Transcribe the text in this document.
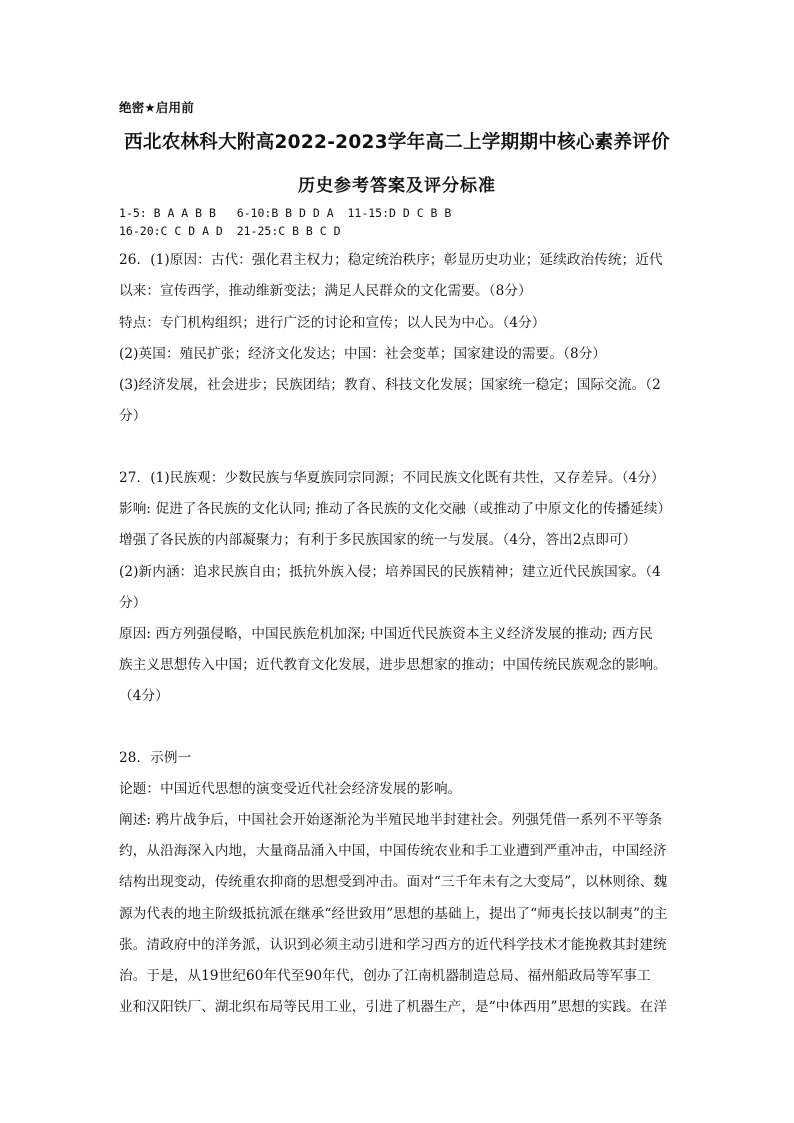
绝密★启用前
西北农林科大附高2022-2023学年高二上学期期中核心素养评价
历史参考答案及评分标准
1-5: B A A B B   6-10:B B D D A  11-15:D D C B B
16-20:C C D A D  21-25:C B B C D
26．(1)原因：古代：强化君主权力；稳定统治秩序；彰显历史功业；延续政治传统；近代
以来：宣传西学，推动维新变法；满足人民群众的文化需要。（8分）
特点：专门机构组织；进行广泛的讨论和宣传；以人民为中心。（4分）
(2)英国：殖民扩张；经济文化发达；中国：社会变革；国家建设的需要。（8分）
(3)经济发展，社会进步；民族团结；教育、科技文化发展；国家统一稳定；国际交流。（2
分）
27．(1)民族观：少数民族与华夏族同宗同源；不同民族文化既有共性，又存差异。（4分）
影响: 促进了各民族的文化认同; 推动了各民族的文化交融（或推动了中原文化的传播延续）
增强了各民族的内部凝聚力；有利于多民族国家的统一与发展。（4分，答出2点即可）
(2)新内涵：追求民族自由；抵抗外族入侵；培养国民的民族精神；建立近代民族国家。（4
分）
原因: 西方列强侵略，中国民族危机加深; 中国近代民族资本主义经济发展的推动; 西方民
族主义思想传入中国；近代教育文化发展，进步思想家的推动；中国传统民族观念的影响。
（4分）
28．示例一
论题：中国近代思想的演变受近代社会经济发展的影响。
阐述: 鸦片战争后，中国社会开始逐渐沦为半殖民地半封建社会。列强凭借一系列不平等条
约，从沿海深入内地，大量商品涌入中国，中国传统农业和手工业遭到严重冲击，中国经济
结构出现变动，传统重农抑商的思想受到冲击。面对“三千年未有之大变局”，以林则徐、魏
源为代表的地主阶级抵抗派在继承“经世致用”思想的基础上，提出了“师夷长技以制夷”的主
张。清政府中的洋务派，认识到必须主动引进和学习西方的近代科学技术才能挽救其封建统
治。于是，从19世纪60年代至90年代，创办了江南机器制造总局、福州船政局等军事工
业和汉阳铁厂、湖北织布局等民用工业，引进了机器生产，是“中体西用”思想的实践。在洋
